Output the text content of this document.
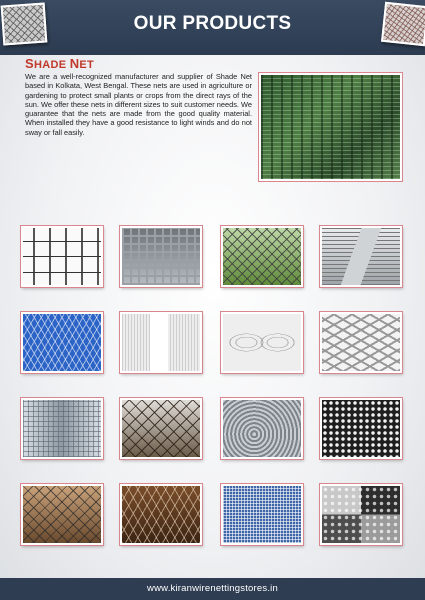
OUR PRODUCTS
SHADE NET
We are a well-recognized manufacturer and supplier of Shade Net based in Kolkata, West Bengal. These nets are used in agriculture or gardening to protect small plants or crops from the direct rays of the sun. We offer these nets in different sizes to suit customer needs. We guarantee that the nets are made from the good quality material. When installed they have a good resistance to light winds and do not sway or fall easily.
www.kiranwirenettingstores.in
